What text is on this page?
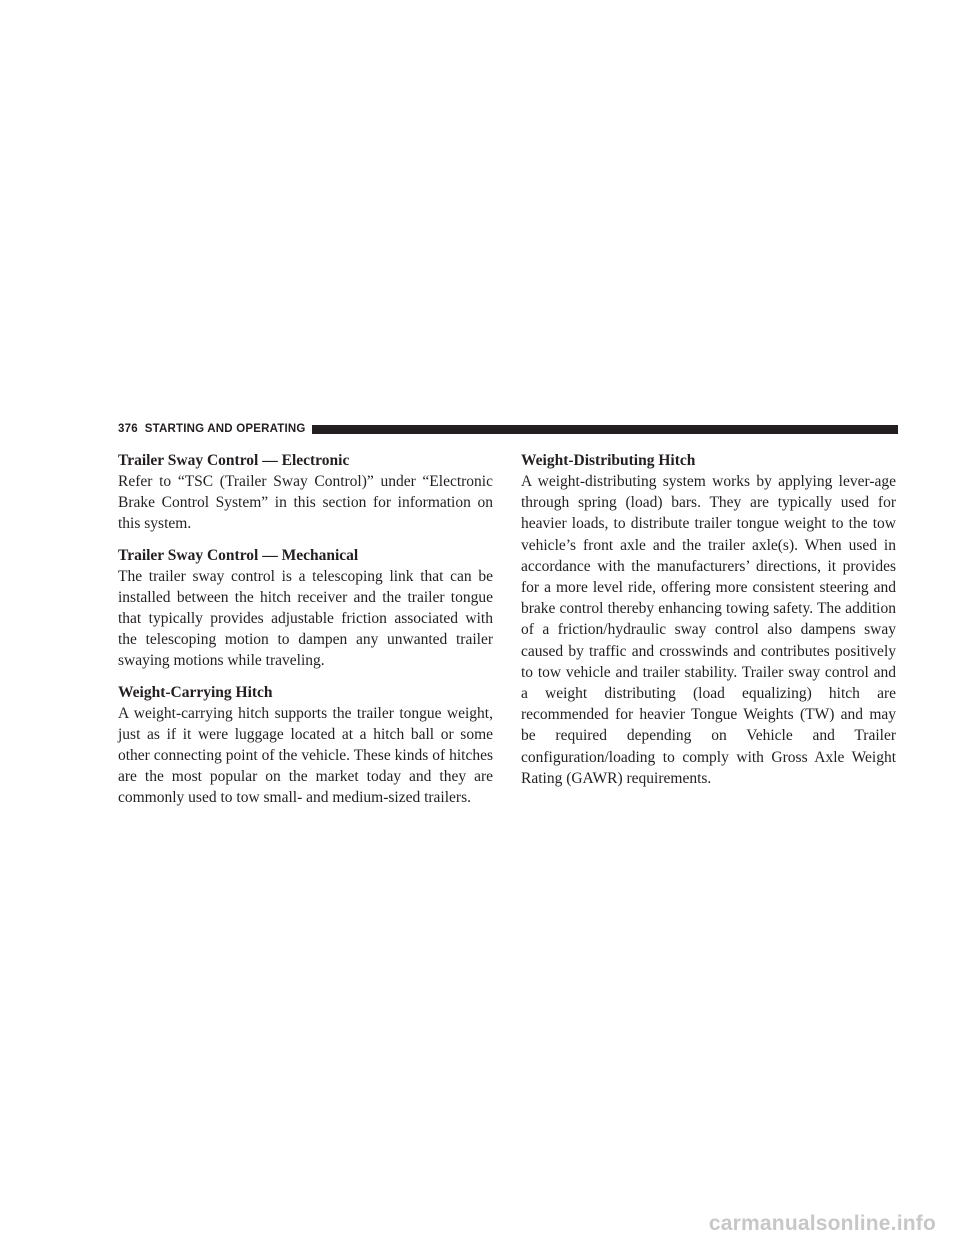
376 STARTING AND OPERATING
Trailer Sway Control — Electronic

Refer to “TSC (Trailer Sway Control)” under “Electronic Brake Control System” in this section for information on this system.

Trailer Sway Control — Mechanical

The trailer sway control is a telescoping link that can be installed between the hitch receiver and the trailer tongue that typically provides adjustable friction associated with the telescoping motion to dampen any unwanted trailer swaying motions while traveling.

Weight-Carrying Hitch

A weight-carrying hitch supports the trailer tongue weight, just as if it were luggage located at a hitch ball or some other connecting point of the vehicle. These kinds of hitches are the most popular on the market today and they are commonly used to tow small- and medium-sized trailers.

Weight-Distributing Hitch

A weight-distributing system works by applying lever-age through spring (load) bars. They are typically used for heavier loads, to distribute trailer tongue weight to the tow vehicle’s front axle and the trailer axle(s). When used in accordance with the manufacturers’ directions, it provides for a more level ride, offering more consistent steering and brake control thereby enhancing towing safety. The addition of a friction/hydraulic sway control also dampens sway caused by traffic and crosswinds and contributes positively to tow vehicle and trailer stability. Trailer sway control and a weight distributing (load equalizing) hitch are recommended for heavier Tongue Weights (TW) and may be required depending on Vehicle and Trailer configuration/loading to comply with Gross Axle Weight Rating (GAWR) requirements.

carmanualsonline.info
